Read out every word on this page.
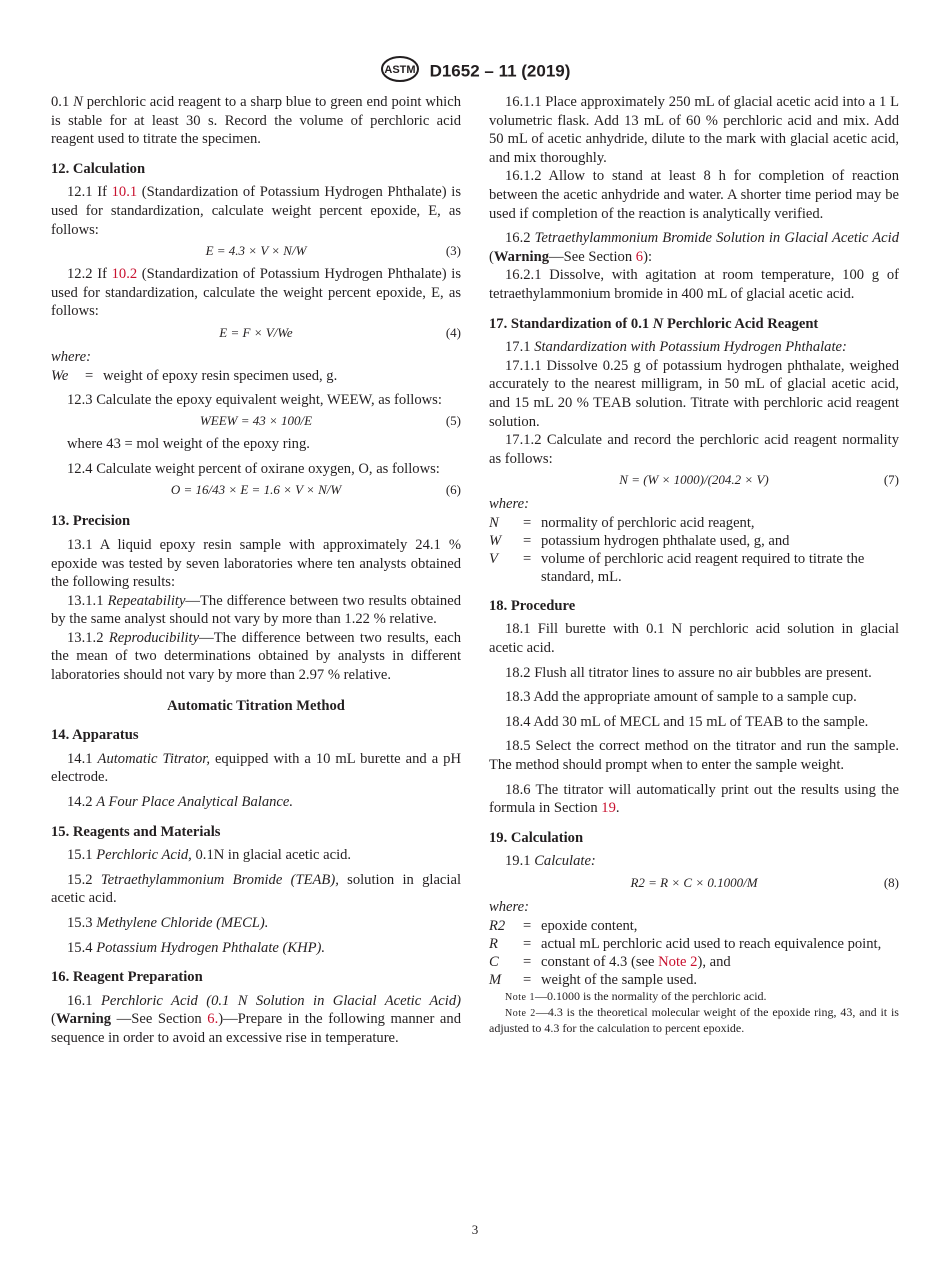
ASTM D1652 – 11 (2019)

0.1 N perchloric acid reagent to a sharp blue to green end point which is stable for at least 30 s. Record the volume of perchloric acid reagent used to titrate the specimen.

12. Calculation

12.1 If 10.1 (Standardization of Potassium Hydrogen Phthalate) is used for standardization, calculate weight percent epoxide, E, as follows:

E = 4.3 × V × N/W	(3)

12.2 If 10.2 (Standardization of Potassium Hydrogen Phthalate) is used for standardization, calculate the weight percent epoxide, E, as follows:

E = F × V/We	(4)
where:
We	= weight of epoxy resin specimen used, g.

12.3 Calculate the epoxy equivalent weight, WEEW, as follows:

WEEW = 43 × 100/E	(5)

where 43 = mol weight of the epoxy ring.

12.4 Calculate weight percent of oxirane oxygen, O, as follows:

O = 16/43 × E = 1.6 × V × N/W	(6)
13. Precision

13.1 A liquid epoxy resin sample with approximately 24.1 % epoxide was tested by seven laboratories where ten analysts obtained the following results:

13.1.1 Repeatability—The difference between two results obtained by the same analyst should not vary by more than 1.22 % relative.

13.1.2 Reproducibility—The difference between two results, each the mean of two determinations obtained by analysts in different laboratories should not vary by more than 2.97 % relative.

Automatic Titration Method
14. Apparatus

14.1 Automatic Titrator, equipped with a 10 mL burette and a pH electrode.

14.2 A Four Place Analytical Balance.

15. Reagents and Materials

15.1 Perchloric Acid, 0.1N in glacial acetic acid.

15.2 Tetraethylammonium Bromide (TEAB), solution in glacial acetic acid.

15.3 Methylene Chloride (MECL).

15.4 Potassium Hydrogen Phthalate (KHP).

16. Reagent Preparation

16.1 Perchloric Acid (0.1 N Solution in Glacial Acetic Acid) (Warning —See Section 6.)—Prepare in the following manner and sequence in order to avoid an excessive rise in temperature.

16.1.1 Place approximately 250 mL of glacial acetic acid into a 1 L volumetric flask. Add 13 mL of 60 % perchloric acid and mix. Add 50 mL of acetic anhydride, dilute to the mark with glacial acetic acid, and mix thoroughly.

16.1.2 Allow to stand at least 8 h for completion of reaction between the acetic anhydride and water. A shorter time period may be used if completion of the reaction is analytically verified.

16.2 Tetraethylammonium Bromide Solution in Glacial Acetic Acid (Warning—See Section 6):

16.2.1 Dissolve, with agitation at room temperature, 100 g of tetraethylammonium bromide in 400 mL of glacial acetic acid.

17. Standardization of 0.1 N Perchloric Acid Reagent

17.1 Standardization with Potassium Hydrogen Phthalate:

17.1.1 Dissolve 0.25 g of potassium hydrogen phthalate, weighed accurately to the nearest milligram, in 50 mL of glacial acetic acid, and 15 mL 20 % TEAB solution. Titrate with perchloric acid reagent solution.

17.1.2 Calculate and record the perchloric acid reagent normality as follows:

N = (W × 1000)/(204.2 × V)	(7)
where:
N	= normality of perchloric acid reagent,
W	= potassium hydrogen phthalate used, g, and
V	= volume of perchloric acid reagent required to titrate the standard, mL.
18. Procedure

18.1 Fill burette with 0.1 N perchloric acid solution in glacial acetic acid.

18.2 Flush all titrator lines to assure no air bubbles are present.

18.3 Add the appropriate amount of sample to a sample cup.

18.4 Add 30 mL of MECL and 15 mL of TEAB to the sample.

18.5 Select the correct method on the titrator and run the sample. The method should prompt when to enter the sample weight.

18.6 The titrator will automatically print out the results using the formula in Section 19.

19. Calculation

19.1 Calculate:

R2 = R × C × 0.1000/M	(8)
where:
R2	= epoxide content,
R	= actual mL perchloric acid used to reach equivalence point,
C	= constant of 4.3 (see Note 2), and
M	= weight of the sample used.

Note 1—0.1000 is the normality of the perchloric acid.

Note 2—4.3 is the theoretical molecular weight of the epoxide ring, 43, and it is adjusted to 4.3 for the calculation to percent epoxide.

3
